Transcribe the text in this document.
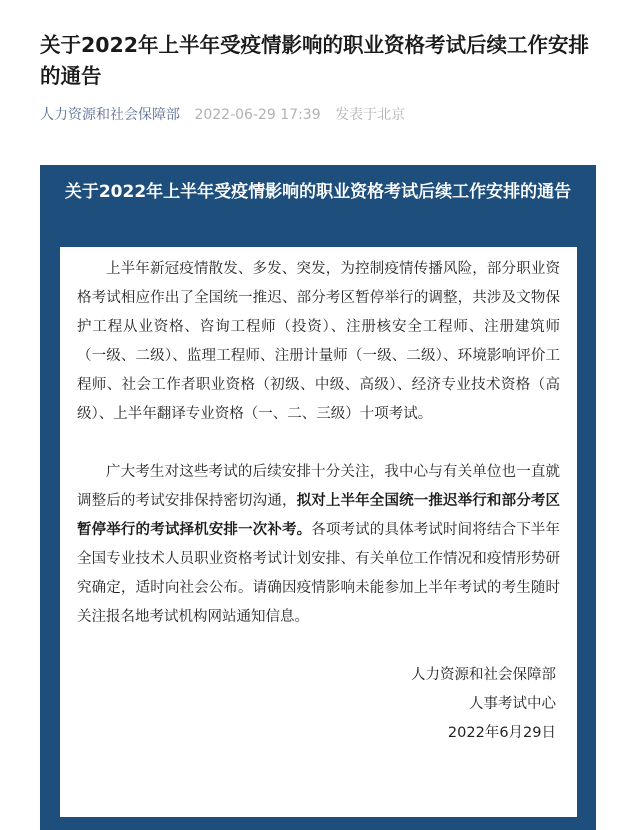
关于2022年上半年受疫情影响的职业资格考试后续工作安排的通告
人力资源和社会保障部 2022-06-29 17:39 发表于北京
关于2022年上半年受疫情影响的职业资格考试后续工作安排的通告

上半年新冠疫情散发、多发、突发，为控制疫情传播风险，部分职业资格考试相应作出了全国统一推迟、部分考区暂停举行的调整，共涉及文物保护工程从业资格、咨询工程师（投资）、注册核安全工程师、注册建筑师（一级、二级）、监理工程师、注册计量师（一级、二级）、环境影响评价工程师、社会工作者职业资格（初级、中级、高级）、经济专业技术资格（高级）、上半年翻译专业资格（一、二、三级）十项考试。

广大考生对这些考试的后续安排十分关注，我中心与有关单位也一直就调整后的考试安排保持密切沟通，拟对上半年全国统一推迟举行和部分考区暂停举行的考试择机安排一次补考。各项考试的具体考试时间将结合下半年全国专业技术人员职业资格考试计划安排、有关单位工作情况和疫情形势研究确定，适时向社会公布。请确因疫情影响未能参加上半年考试的考生随时关注报名地考试机构网站通知信息。

人力资源和社会保障部
人事考试中心
2022年6月29日
